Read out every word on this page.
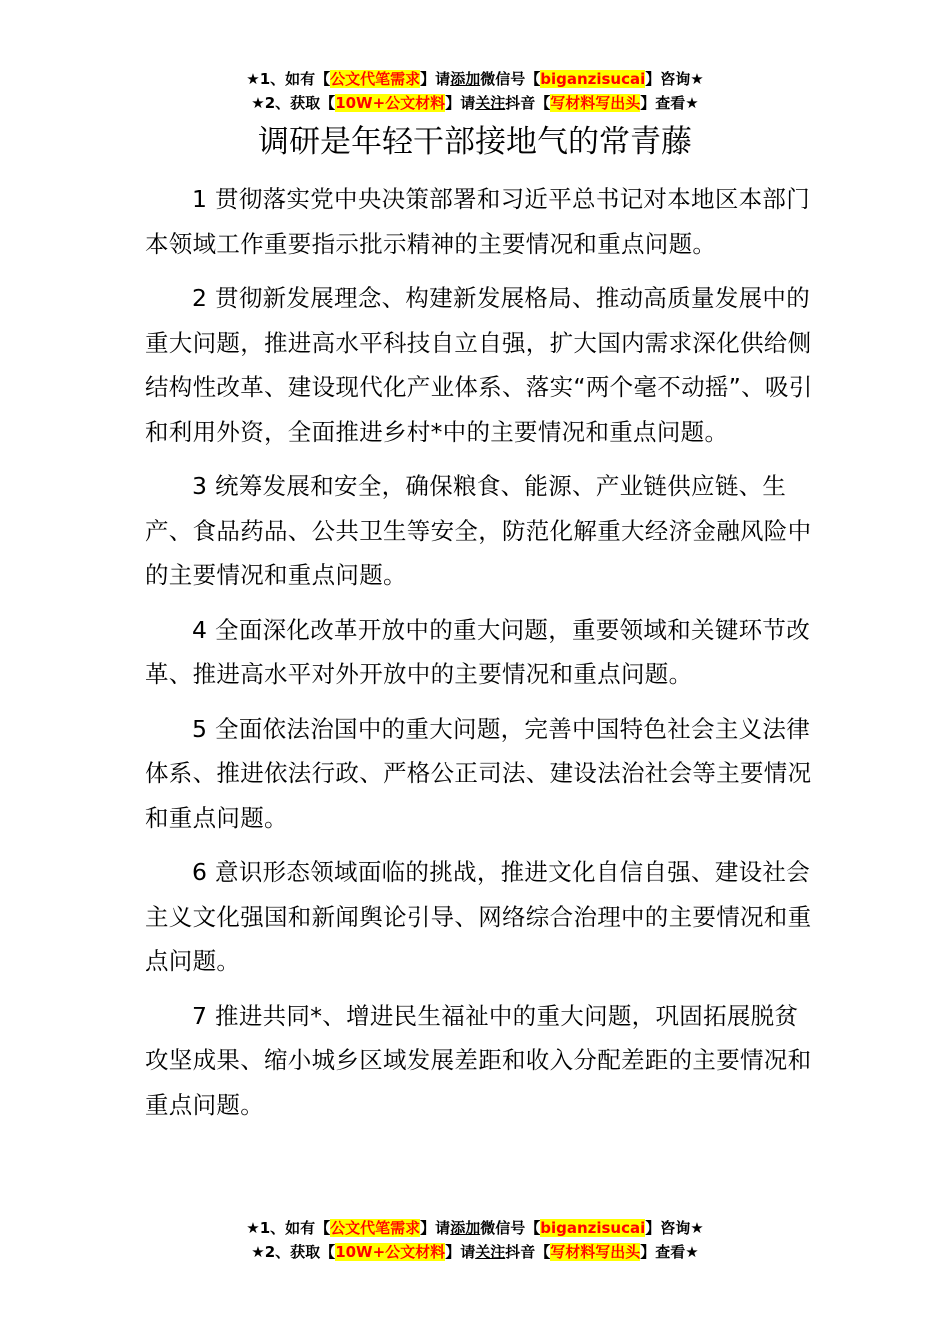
★1、如有【公文代笔需求】请添加微信号【biganzisucai】咨询★
★2、获取【10W+公文材料】请关注抖音【写材料写出头】查看★
调研是年轻干部接地气的常青藤

1 贯彻落实党中央决策部署和习近平总书记对本地区本部门本领域工作重要指示批示精神的主要情况和重点问题。

2 贯彻新发展理念、构建新发展格局、推动高质量发展中的重大问题，推进高水平科技自立自强，扩大国内需求深化供给侧结构性改革、建设现代化产业体系、落实“两个毫不动摇”、吸引和利用外资，全面推进乡村*中的主要情况和重点问题。

3 统筹发展和安全，确保粮食、能源、产业链供应链、生产、食品药品、公共卫生等安全，防范化解重大经济金融风险中的主要情况和重点问题。

4 全面深化改革开放中的重大问题，重要领域和关键环节改革、推进高水平对外开放中的主要情况和重点问题。

5 全面依法治国中的重大问题，完善中国特色社会主义法律体系、推进依法行政、严格公正司法、建设法治社会等主要情况和重点问题。

6 意识形态领域面临的挑战，推进文化自信自强、建设社会主义文化强国和新闻舆论引导、网络综合治理中的主要情况和重点问题。

7 推进共同*、增进民生福祉中的重大问题，巩固拓展脱贫攻坚成果、缩小城乡区域发展差距和收入分配差距的主要情况和重点问题。

★1、如有【公文代笔需求】请添加微信号【biganzisucai】咨询★
★2、获取【10W+公文材料】请关注抖音【写材料写出头】查看★
